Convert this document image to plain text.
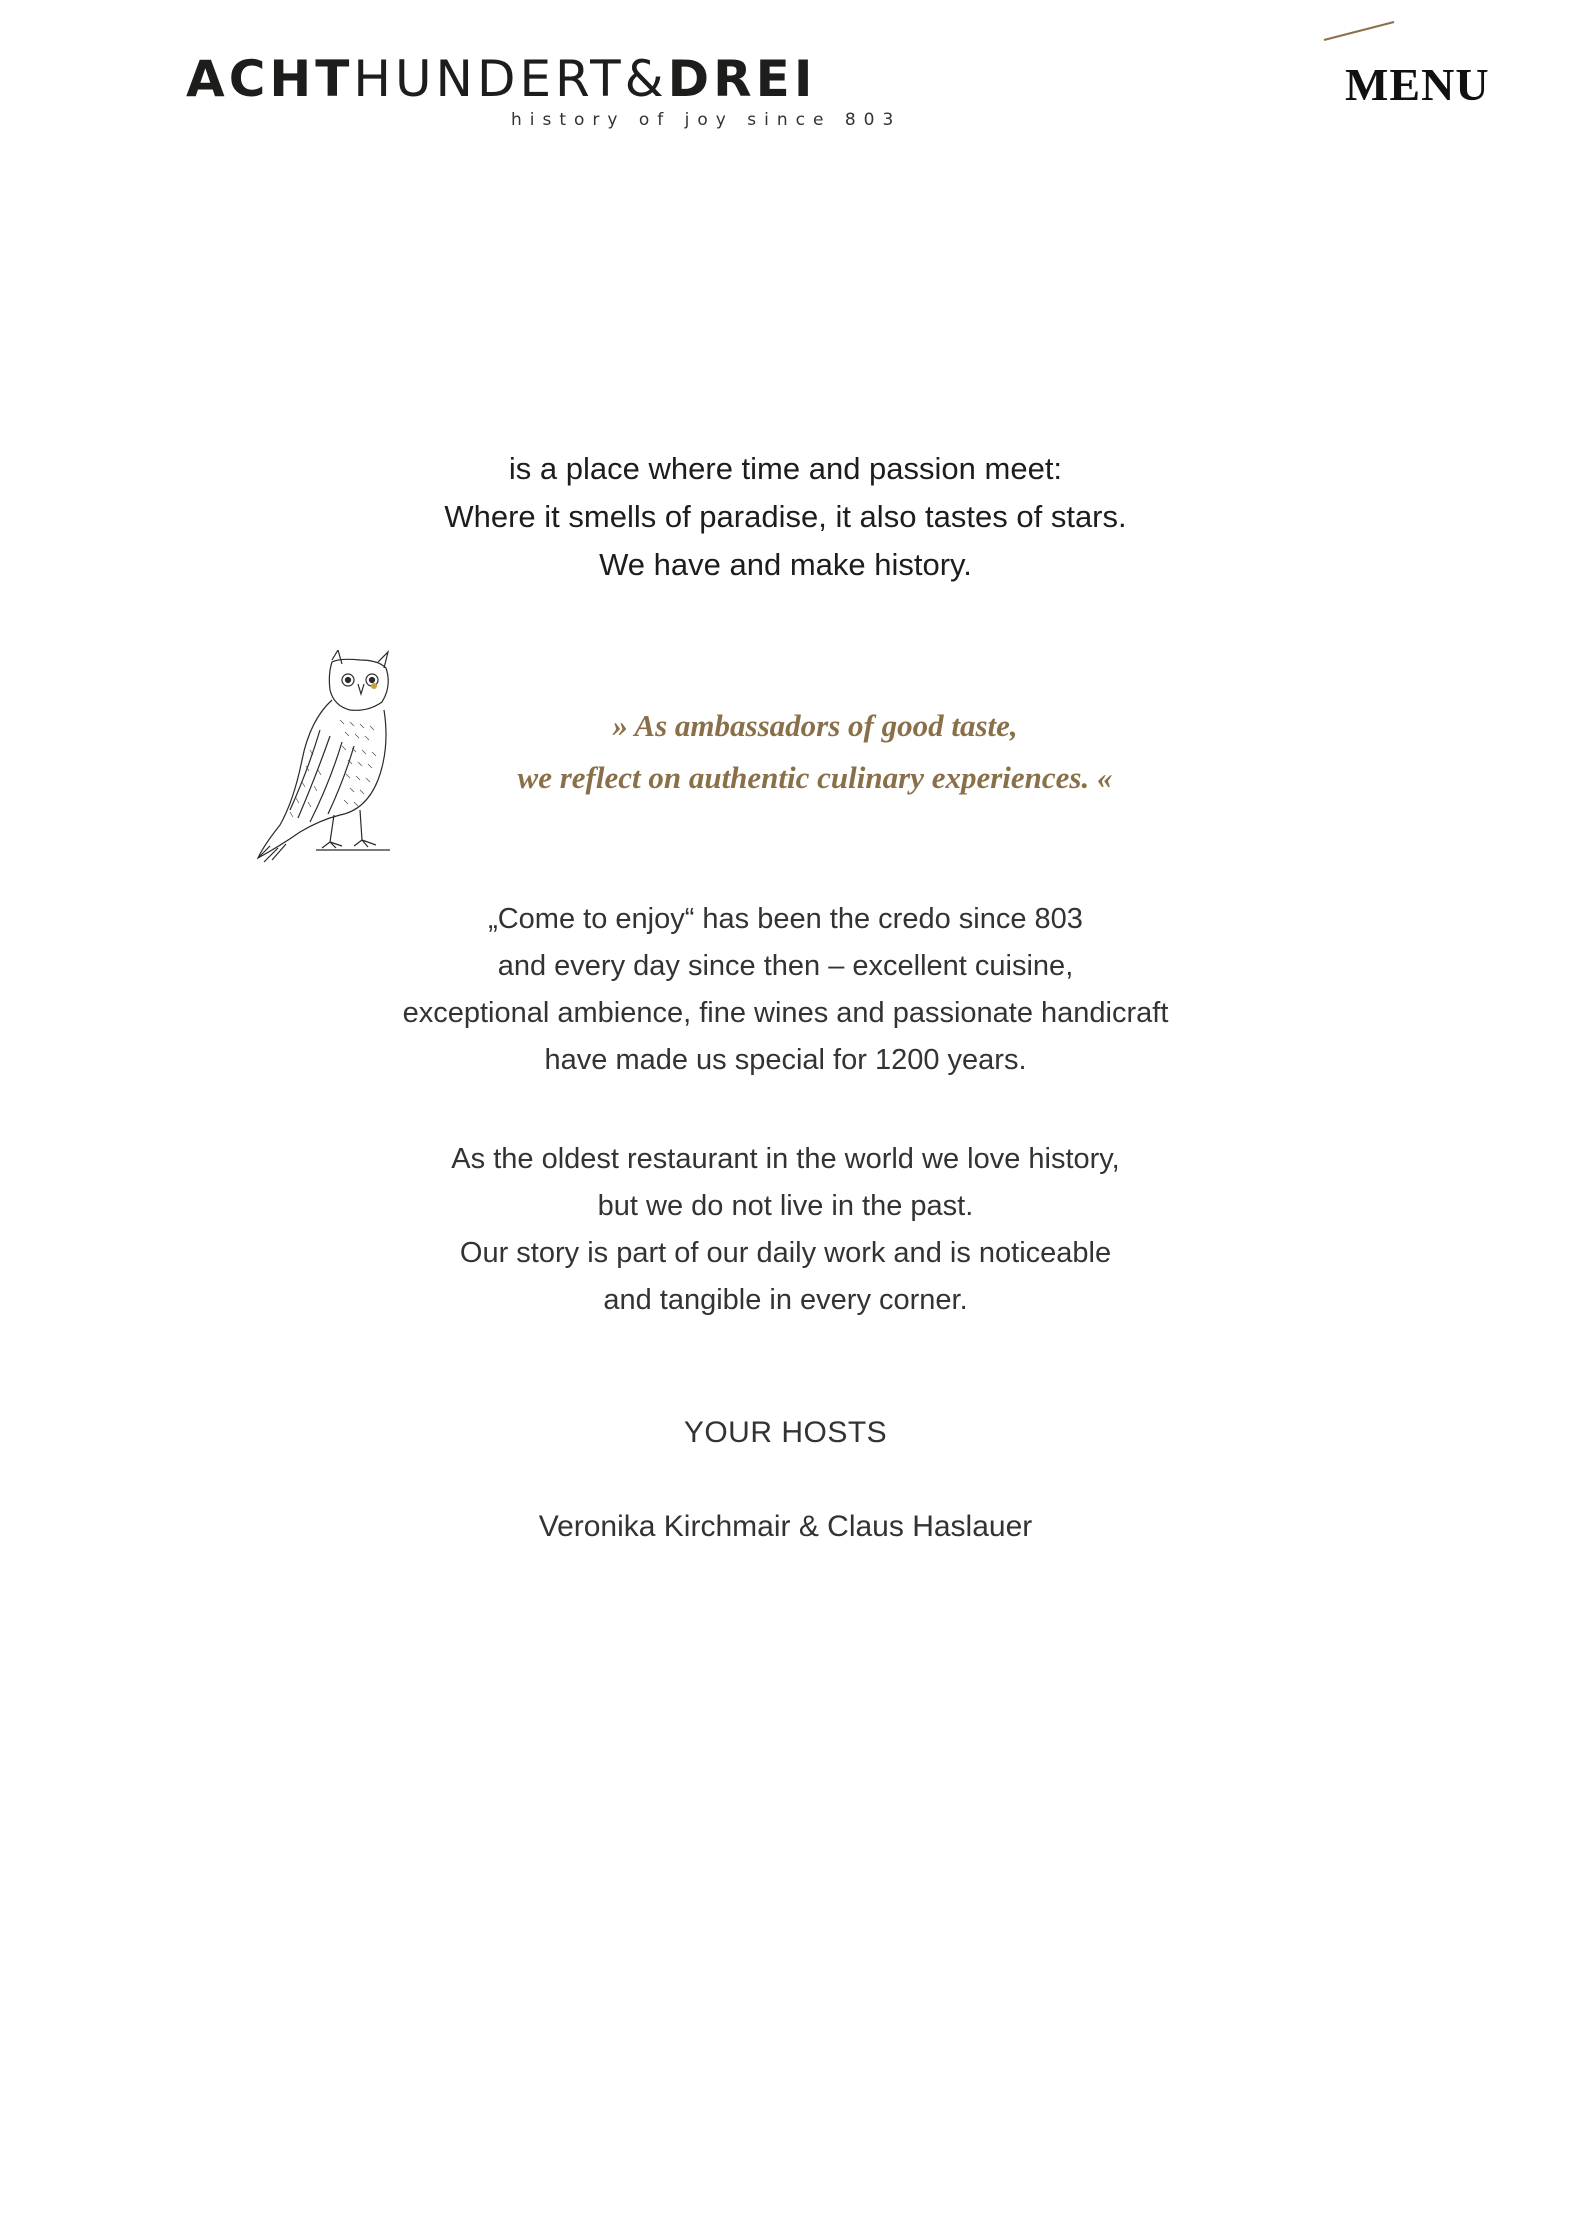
ACHTHUNDERT&DREI
history of joy since 803
MENU
is a place where time and passion meet:
Where it smells of paradise, it also tastes of stars.
We have and make history.
» As ambassadors of good taste,
we reflect on authentic culinary experiences. «
„Come to enjoy“ has been the credo since 803
and every day since then – excellent cuisine,
exceptional ambience, fine wines and passionate handicraft
have made us special for 1200 years.
As the oldest restaurant in the world we love history,
but we do not live in the past.
Our story is part of our daily work and is noticeable
and tangible in every corner.
YOUR HOSTS
Veronika Kirchmair & Claus Haslauer
